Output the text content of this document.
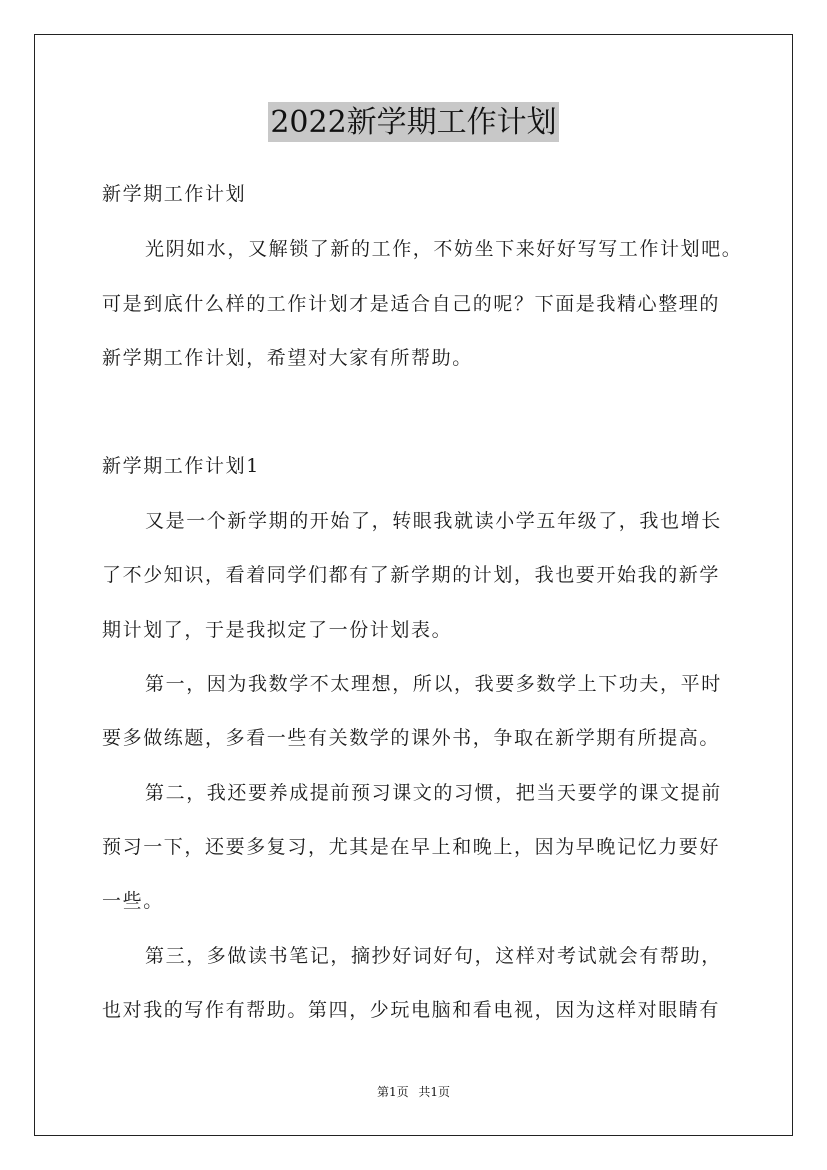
2022新学期工作计划
新学期工作计划
光阴如水，又解锁了新的工作，不妨坐下来好好写写工作计划吧。
可是到底什么样的工作计划才是适合自己的呢？下面是我精心整理的
新学期工作计划，希望对大家有所帮助。
新学期工作计划1
又是一个新学期的开始了，转眼我就读小学五年级了，我也增长
了不少知识，看着同学们都有了新学期的计划，我也要开始我的新学
期计划了，于是我拟定了一份计划表。
第一，因为我数学不太理想，所以，我要多数学上下功夫，平时
要多做练题，多看一些有关数学的课外书，争取在新学期有所提高。
第二，我还要养成提前预习课文的习惯，把当天要学的课文提前
预习一下，还要多复习，尤其是在早上和晚上，因为早晚记忆力要好
一些。
第三，多做读书笔记，摘抄好词好句，这样对考试就会有帮助，
也对我的写作有帮助。第四，少玩电脑和看电视，因为这样对眼睛有
第1页 共1页
